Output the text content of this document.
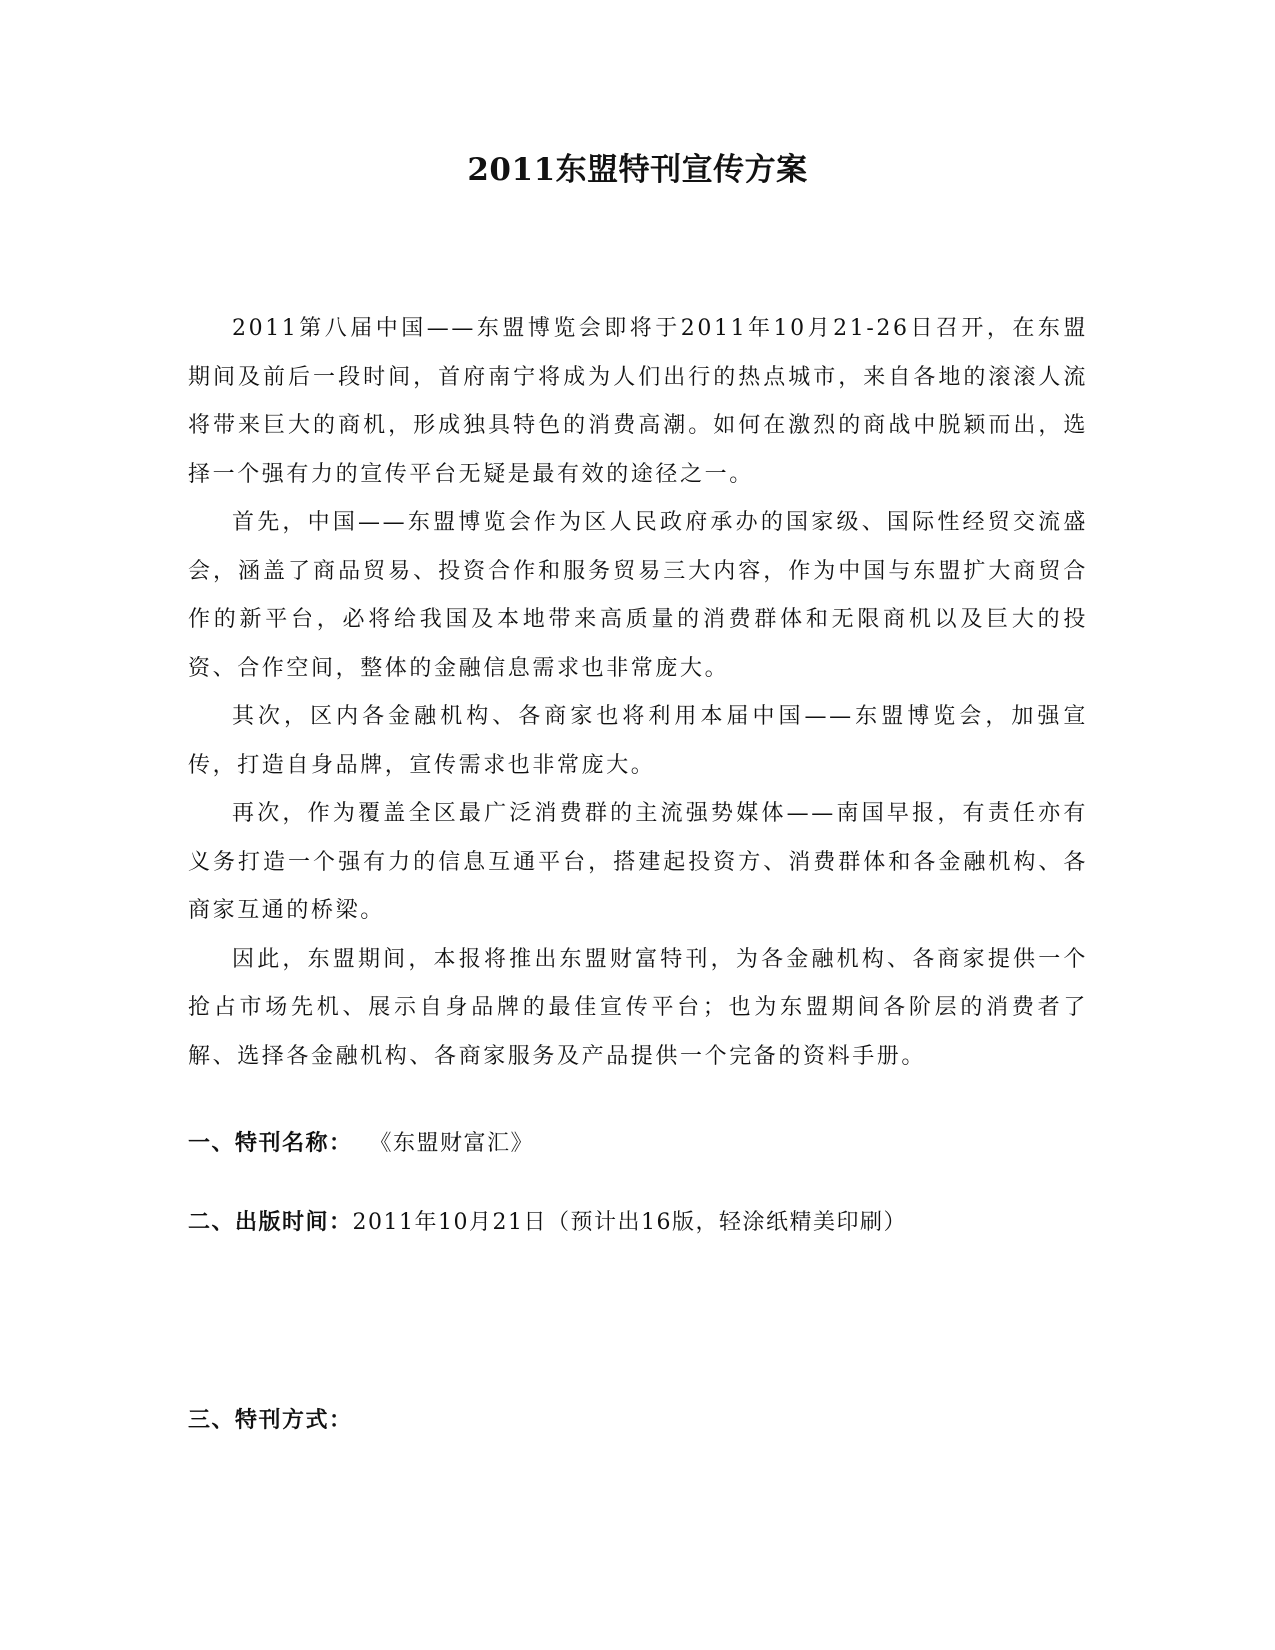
2011东盟特刊宣传方案

2011第八届中国——东盟博览会即将于2011年10月21-26日召开，在东盟期间及前后一段时间，首府南宁将成为人们出行的热点城市，来自各地的滚滚人流将带来巨大的商机，形成独具特色的消费高潮。如何在激烈的商战中脱颖而出，选择一个强有力的宣传平台无疑是最有效的途径之一。

首先，中国——东盟博览会作为区人民政府承办的国家级、国际性经贸交流盛会，涵盖了商品贸易、投资合作和服务贸易三大内容，作为中国与东盟扩大商贸合作的新平台，必将给我国及本地带来高质量的消费群体和无限商机以及巨大的投资、合作空间，整体的金融信息需求也非常庞大。

其次，区内各金融机构、各商家也将利用本届中国——东盟博览会，加强宣传，打造自身品牌，宣传需求也非常庞大。

再次，作为覆盖全区最广泛消费群的主流强势媒体——南国早报，有责任亦有义务打造一个强有力的信息互通平台，搭建起投资方、消费群体和各金融机构、各商家互通的桥梁。

因此，东盟期间，本报将推出东盟财富特刊，为各金融机构、各商家提供一个抢占市场先机、展示自身品牌的最佳宣传平台；也为东盟期间各阶层的消费者了解、选择各金融机构、各商家服务及产品提供一个完备的资料手册。

一、特刊名称： 《东盟财富汇》
二、出版时间：2011年10月21日（预计出16版，轻涂纸精美印刷）
三、特刊方式：
